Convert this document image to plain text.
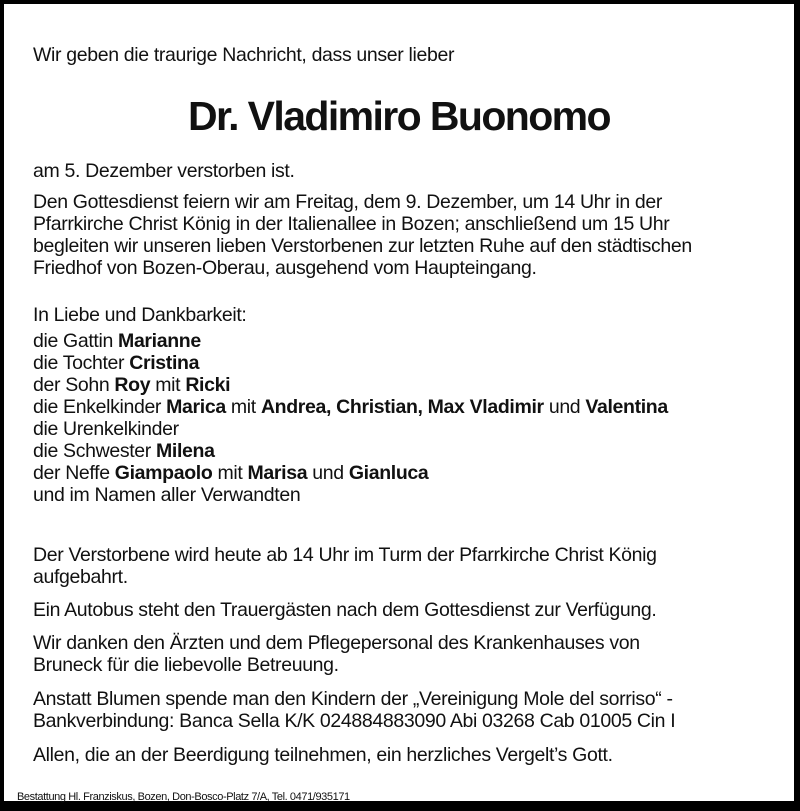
Wir geben die traurige Nachricht, dass unser lieber
Dr. Vladimiro Buonomo
am 5. Dezember verstorben ist.
Den Gottesdienst feiern wir am Freitag, dem 9. Dezember, um 14 Uhr in der
Pfarrkirche Christ König in der Italienallee in Bozen; anschließend um 15 Uhr
begleiten wir unseren lieben Verstorbenen zur letzten Ruhe auf den städtischen
Friedhof von Bozen-Oberau, ausgehend vom Haupteingang.
In Liebe und Dankbarkeit:
die Gattin Marianne
die Tochter Cristina
der Sohn Roy mit Ricki
die Enkelkinder Marica mit Andrea, Christian, Max Vladimir und Valentina
die Urenkelkinder
die Schwester Milena
der Neffe Giampaolo mit Marisa und Gianluca
und im Namen aller Verwandten
Der Verstorbene wird heute ab 14 Uhr im Turm der Pfarrkirche Christ König
aufgebahrt.
Ein Autobus steht den Trauergästen nach dem Gottesdienst zur Verfügung.
Wir danken den Ärzten und dem Pflegepersonal des Krankenhauses von
Bruneck für die liebevolle Betreuung.
Anstatt Blumen spende man den Kindern der „Vereinigung Mole del sorriso“ -
Bankverbindung: Banca Sella K/K 024884883090 Abi 03268 Cab 01005 Cin I
Allen, die an der Beerdigung teilnehmen, ein herzliches Vergelt’s Gott.
Bestattung Hl. Franziskus, Bozen, Don-Bosco-Platz 7/A, Tel. 0471/935171
